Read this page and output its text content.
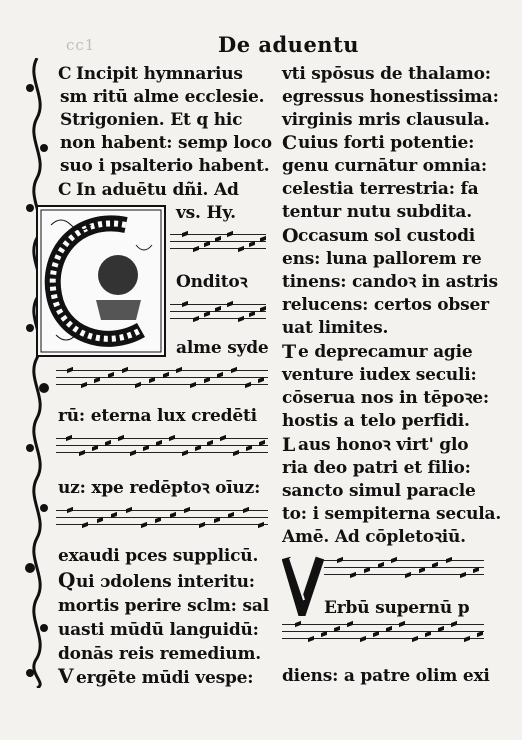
cc1	De aduentu
C Incipit hymnarius
sm ritū alme ecclesie.
Strigonien. Et q hic
non habent: semp loco
suo i psalterio habent.
C In aduētu dñi. Ad
vs. Hy.
Onditoꝛ
alme syde
rū: eterna lux credēti
uz: xpe redēptoꝛ oīuz:
exaudi pces supplicū.
Q ui ɔdolens interitu:
mortis perire sclm: sal
uasti mūdū languidū:
donās reis remedium.
V ergēte mūdi vespe:
vti spōsus de thalamo:
egressus honestissima:
virginis mris clausula.
C uius forti potentie:
genu curnātur omnia:
celestia terrestria: fa
tentur nutu subdita.
O ccasum sol custodi
ens: luna pallorem re
tinens: candoꝛ in astris
relucens: certos obser
uat limites.
T e deprecamur agie
venture iudex seculi:
cōserua nos in tēpoꝛe:
hostis a telo perfidi.
L aus honoꝛ virt' glo
ria deo patri et filio:
sancto simul paracle
to: i sempiterna secula.
Amē. Ad cōpletoꝛiū.
Erbū supernū p
diens: a patre olim exi
